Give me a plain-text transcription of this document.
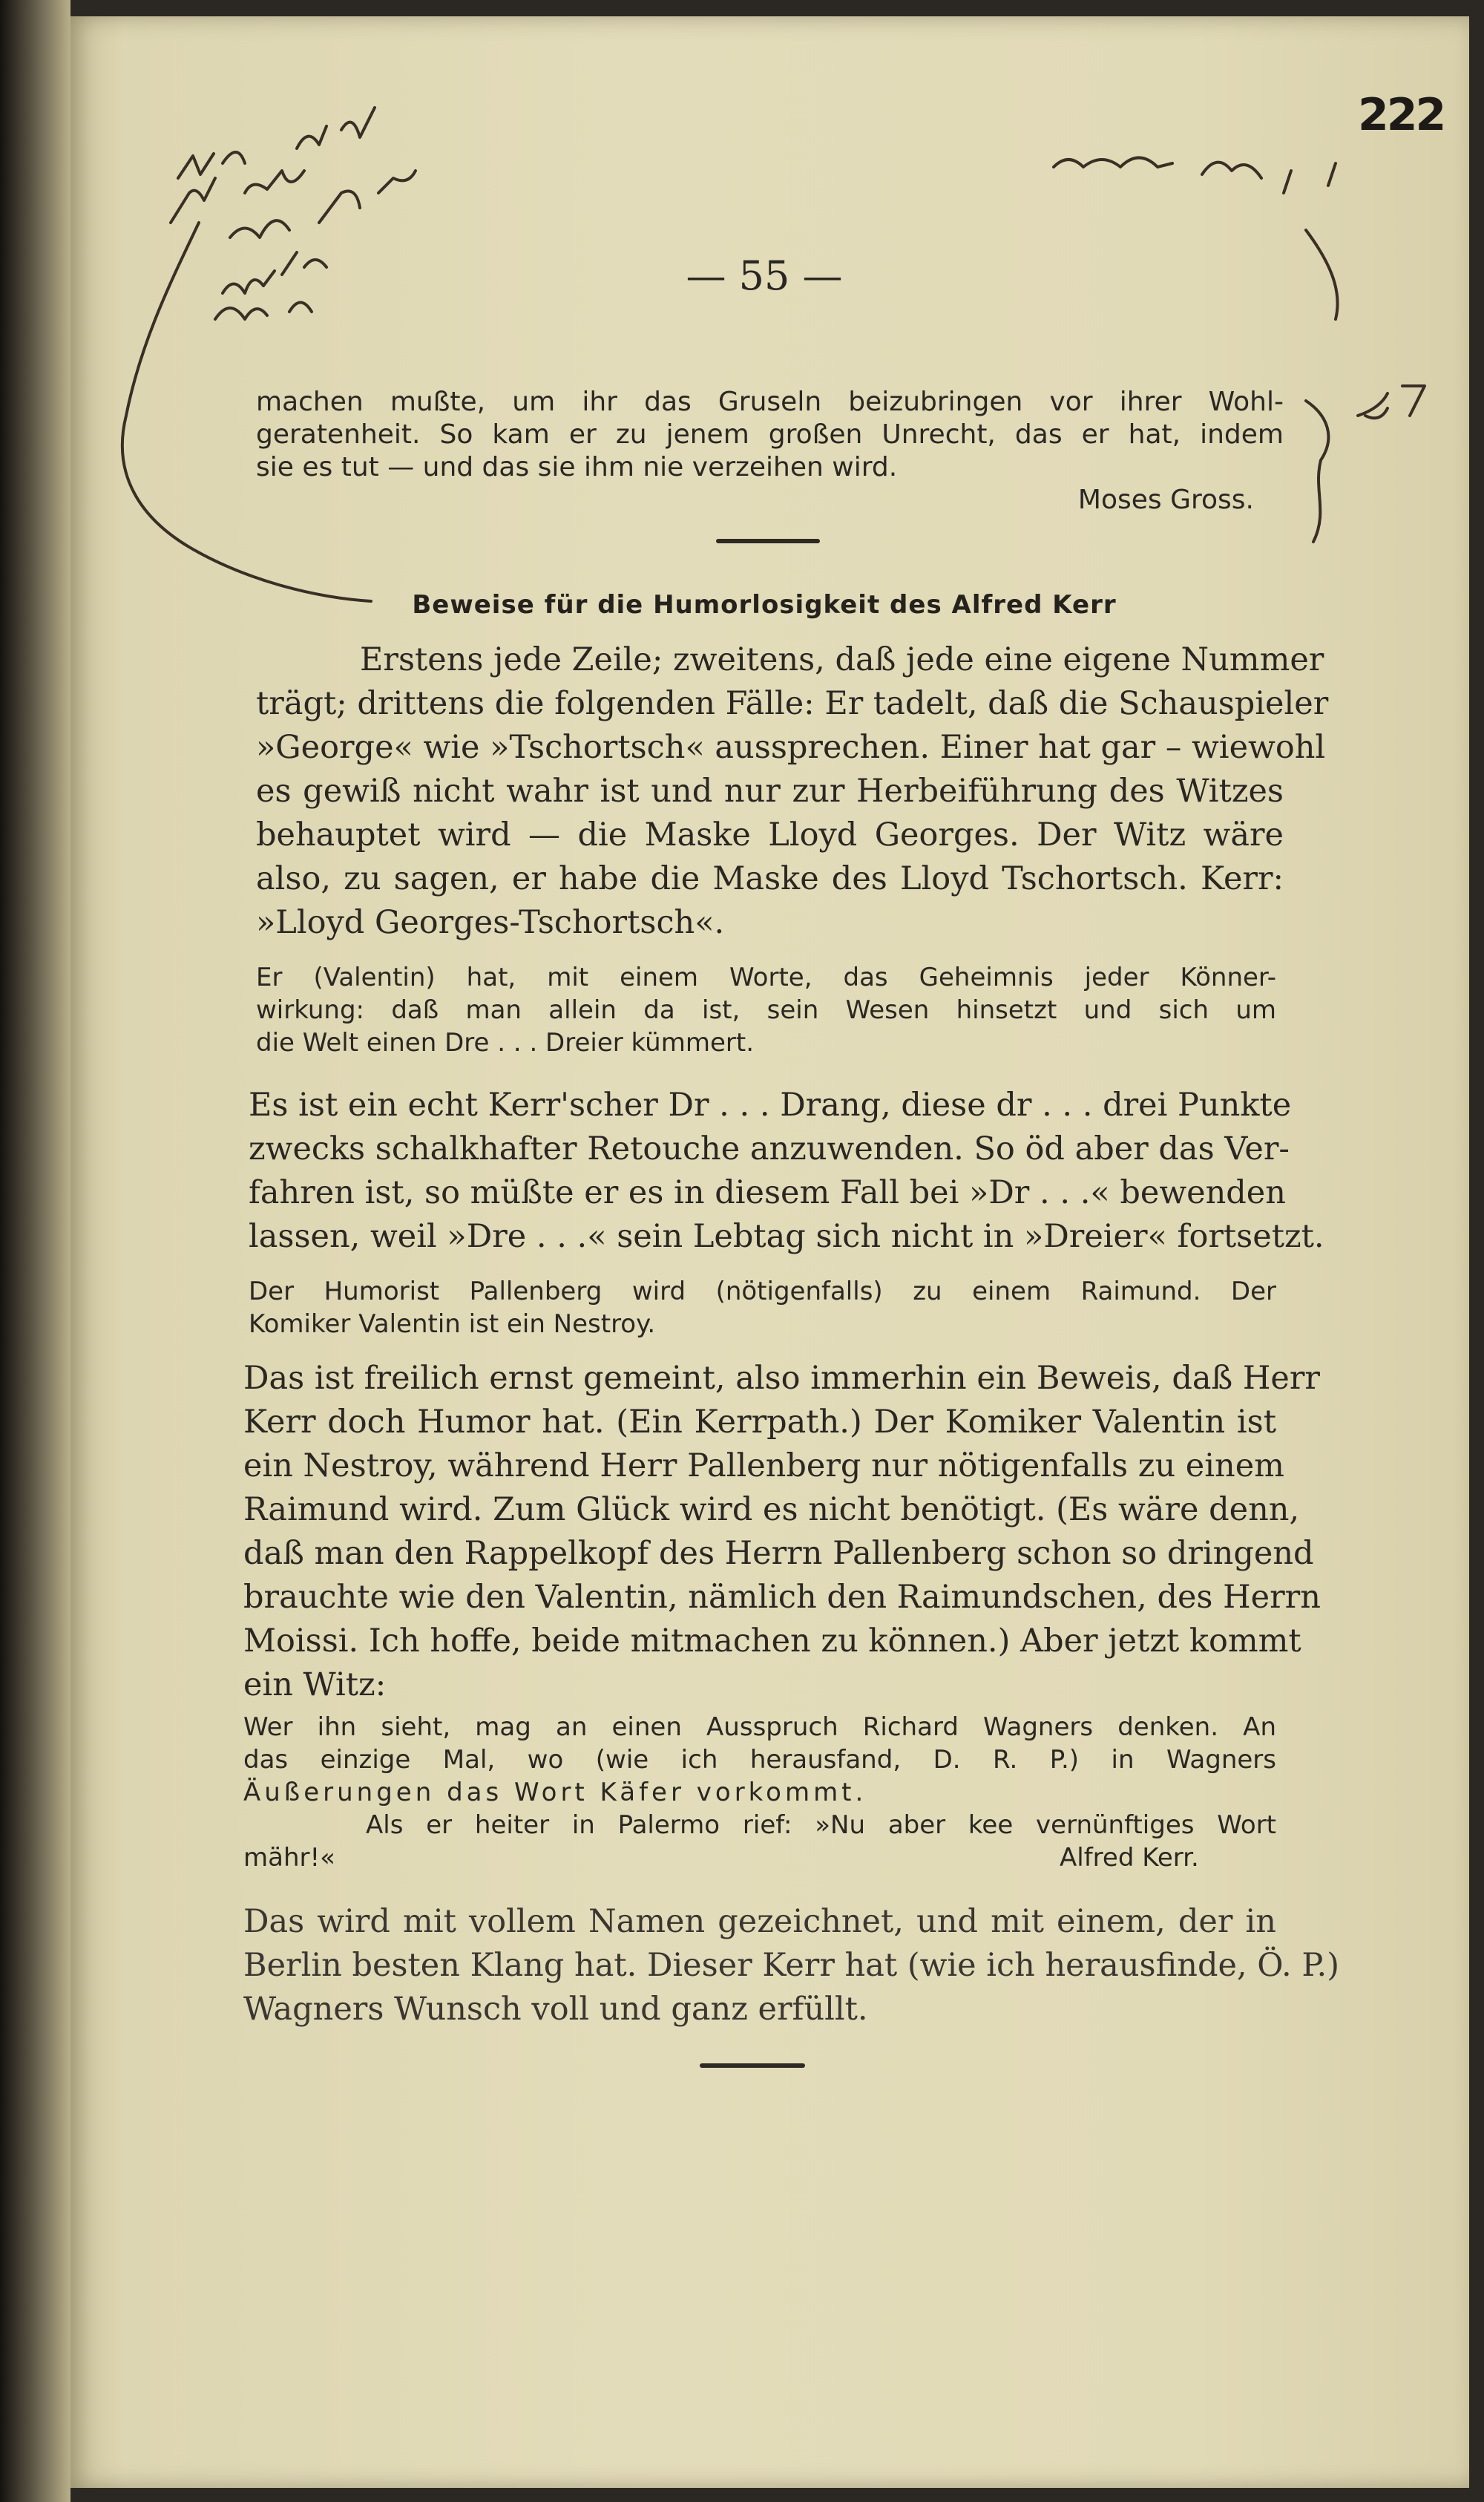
222
— 55 —
machen mußte, um ihr das Gruseln beizubringen vor ihrer Wohl-
geratenheit. So kam er zu jenem großen Unrecht, das er hat, indem
sie es tut — und das sie ihm nie verzeihen wird.
Moses Gross.
Beweise für die Humorlosigkeit des Alfred Kerr
Erstens jede Zeile; zweitens, daß jede eine eigene Nummer
trägt; drittens die folgenden Fälle: Er tadelt, daß die Schauspieler
»George« wie »Tschortsch« aussprechen. Einer hat gar – wiewohl
es gewiß nicht wahr ist und nur zur Herbeiführung des Witzes
behauptet wird — die Maske Lloyd Georges. Der Witz wäre
also, zu sagen, er habe die Maske des Lloyd Tschortsch. Kerr:
»Lloyd Georges-Tschortsch«.
Er (Valentin) hat, mit einem Worte, das Geheimnis jeder Könner-
wirkung: daß man allein da ist, sein Wesen hinsetzt und sich um
die Welt einen Dre . . . Dreier kümmert.
Es ist ein echt Kerr'scher Dr . . . Drang, diese dr . . . drei Punkte
zwecks schalkhafter Retouche anzuwenden. So öd aber das Ver-
fahren ist, so müßte er es in diesem Fall bei »Dr . . .« bewenden
lassen, weil »Dre . . .« sein Lebtag sich nicht in »Dreier« fortsetzt.
Der Humorist Pallenberg wird (nötigenfalls) zu einem Raimund. Der
Komiker Valentin ist ein Nestroy.
Das ist freilich ernst gemeint, also immerhin ein Beweis, daß Herr
Kerr doch Humor hat. (Ein Kerrpath.) Der Komiker Valentin ist
ein Nestroy, während Herr Pallenberg nur nötigenfalls zu einem
Raimund wird. Zum Glück wird es nicht benötigt. (Es wäre denn,
daß man den Rappelkopf des Herrn Pallenberg schon so dringend
brauchte wie den Valentin, nämlich den Raimundschen, des Herrn
Moissi. Ich hoffe, beide mitmachen zu können.) Aber jetzt kommt
ein Witz:
Wer ihn sieht, mag an einen Ausspruch Richard Wagners denken. An
das einzige Mal, wo (wie ich herausfand, D. R. P.) in Wagners
Äußerungen das Wort Käfer vorkommt.
Als er heiter in Palermo rief: »Nu aber kee vernünftiges Wort
mähr!«	Alfred Kerr.
Das wird mit vollem Namen gezeichnet, und mit einem, der in
Berlin besten Klang hat. Dieser Kerr hat (wie ich herausfinde, Ö. P.)
Wagners Wunsch voll und ganz erfüllt.
